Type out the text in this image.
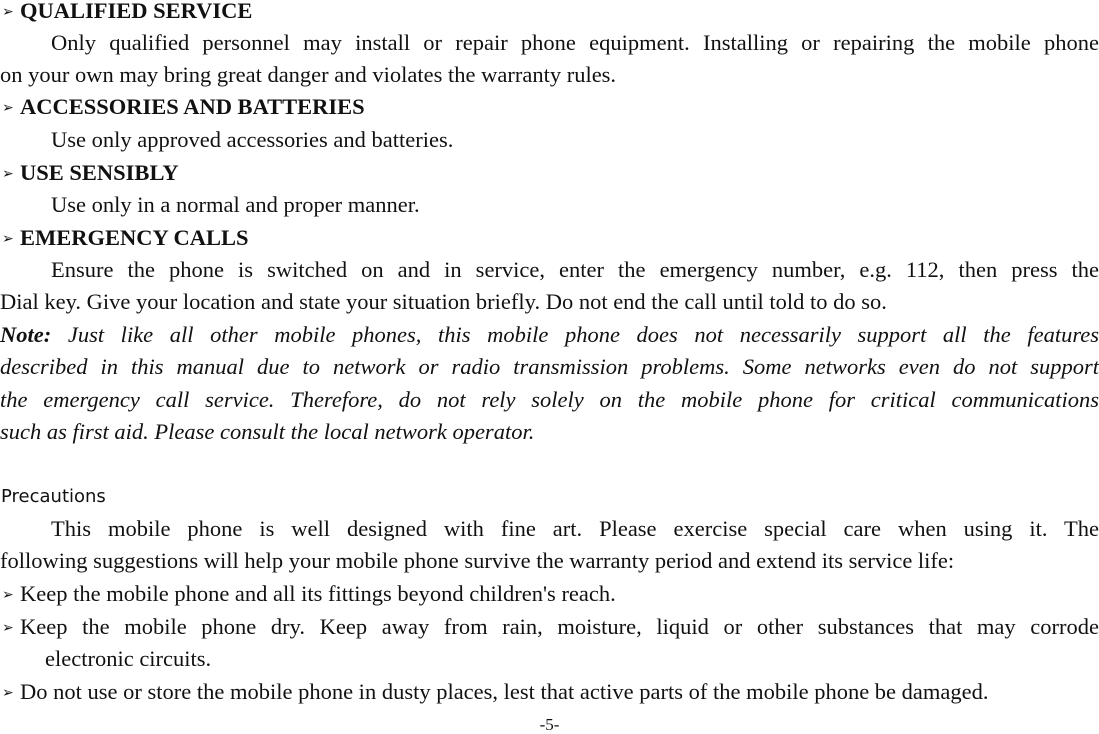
➢ QUALIFIED SERVICE
Only qualified personnel may install or repair phone equipment. Installing or repairing the mobile phone
on your own may bring great danger and violates the warranty rules.
➢ ACCESSORIES AND BATTERIES
Use only approved accessories and batteries.
➢ USE SENSIBLY
Use only in a normal and proper manner.
➢ EMERGENCY CALLS
Ensure the phone is switched on and in service, enter the emergency number, e.g. 112, then press the
Dial key. Give your location and state your situation briefly. Do not end the call until told to do so.
Note: Just like all other mobile phones, this mobile phone does not necessarily support all the features
described in this manual due to network or radio transmission problems. Some networks even do not support
the emergency call service. Therefore, do not rely solely on the mobile phone for critical communications
such as first aid. Please consult the local network operator.
Precautions
This mobile phone is well designed with fine art. Please exercise special care when using it. The
following suggestions will help your mobile phone survive the warranty period and extend its service life:
➢ Keep the mobile phone and all its fittings beyond children's reach.
➢ Keep the mobile phone dry. Keep away from rain, moisture, liquid or other substances that may corrode
electronic circuits.
➢ Do not use or store the mobile phone in dusty places, lest that active parts of the mobile phone be damaged.
-5-
